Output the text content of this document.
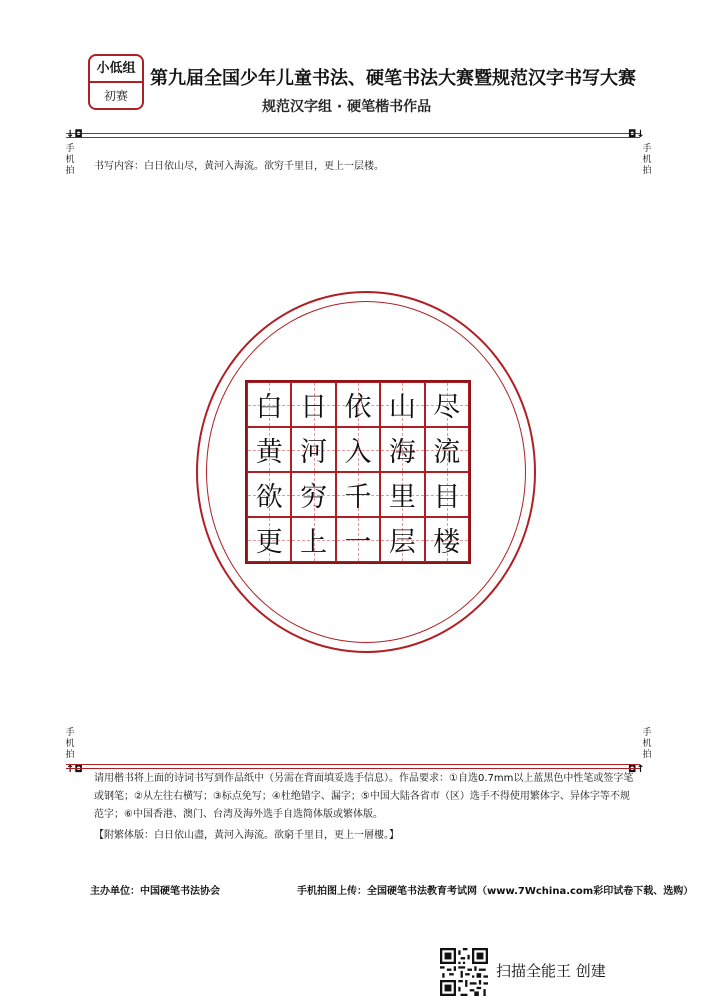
小低组
初赛
第九届全国少年儿童书法、硬笔书法大赛暨规范汉字书写大赛
规范汉字组 · 硬笔楷书作品
↓◘	◘↓
手
机
拍
手
机
拍
书写内容：白日依山尽，黄河入海流。欲穷千里目，更上一层楼。
白 日 依 山 尽
黄 河 入 海 流
欲 穷 千 里 目
更 上 一 层 楼
手
机
拍
手
机
拍
↑◘	◘↑
请用楷书将上面的诗词书写到作品纸中（另需在背面填妥选手信息）。作品要求：①自选0.7mm以上蓝黑色中性笔或签字笔或钢笔；②从左往右横写；③标点免写；④杜绝错字、漏字；⑤中国大陆各省市（区）选手不得使用繁体字、异体字等不规范字；⑥中国香港、澳门、台湾及海外选手自选简体版或繁体版。
【附繁体版：白日依山盡，黃河入海流。欲窮千里目，更上一層樓。】
主办单位：中国硬笔书法协会	手机拍图上传：全国硬笔书法教育考试网（www.7Wchina.com彩印试卷下载、选购）
扫描全能王 创建
